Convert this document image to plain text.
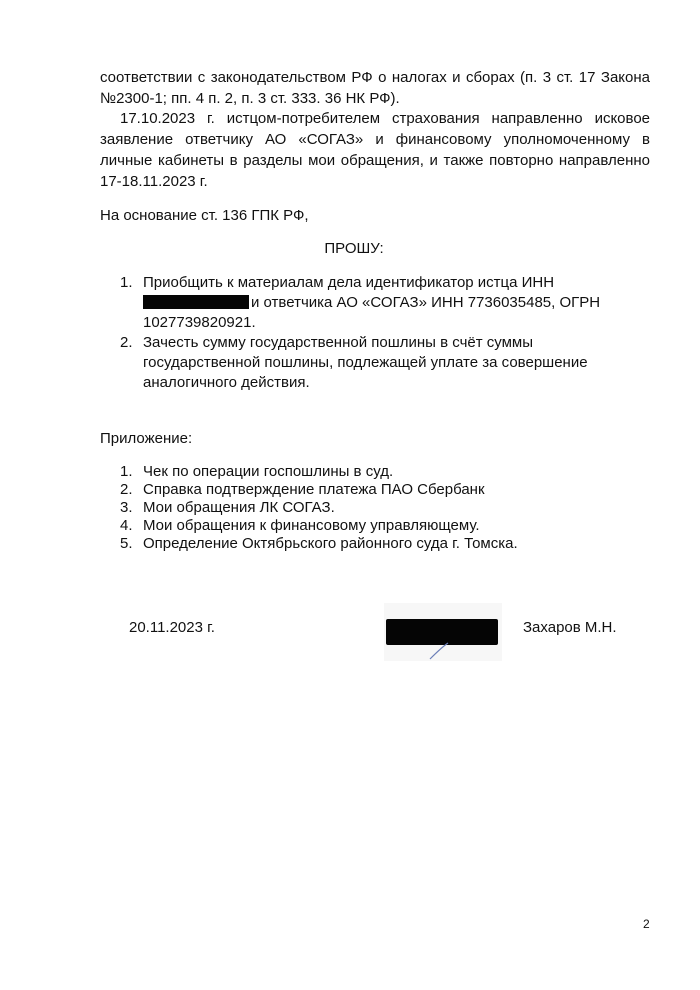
соответствии с законодательством РФ о налогах и сборах (п. 3 ст. 17 Закона
№2300-1; пп. 4 п. 2, п. 3 ст. 333. 36 НК РФ).
17.10.2023 г. истцом-потребителем страхования направленно исковое
заявление ответчику АО «СОГАЗ» и финансовому уполномоченному в
личные кабинеты в разделы мои обращения, и также повторно направленно
17-18.11.2023 г.

На основание ст. 136 ГПК РФ,

ПРОШУ:

1. Приобщить к материалам дела идентификатор истца ИНН
и ответчика АО «СОГАЗ» ИНН 7736035485, ОГРН
1027739820921.
2. Зачесть сумму государственной пошлины в счёт суммы
государственной пошлины, подлежащей уплате за совершение
аналогичного действия.

Приложение:

1. Чек по операции госпошлины в суд.
2. Справка подтверждение платежа ПАО Сбербанк
3. Мои обращения ЛК СОГАЗ.
4. Мои обращения к финансовому управляющему.
5. Определение Октябрьского районного суда г. Томска.

20.11.2023 г.	Захаров М.Н.

2
